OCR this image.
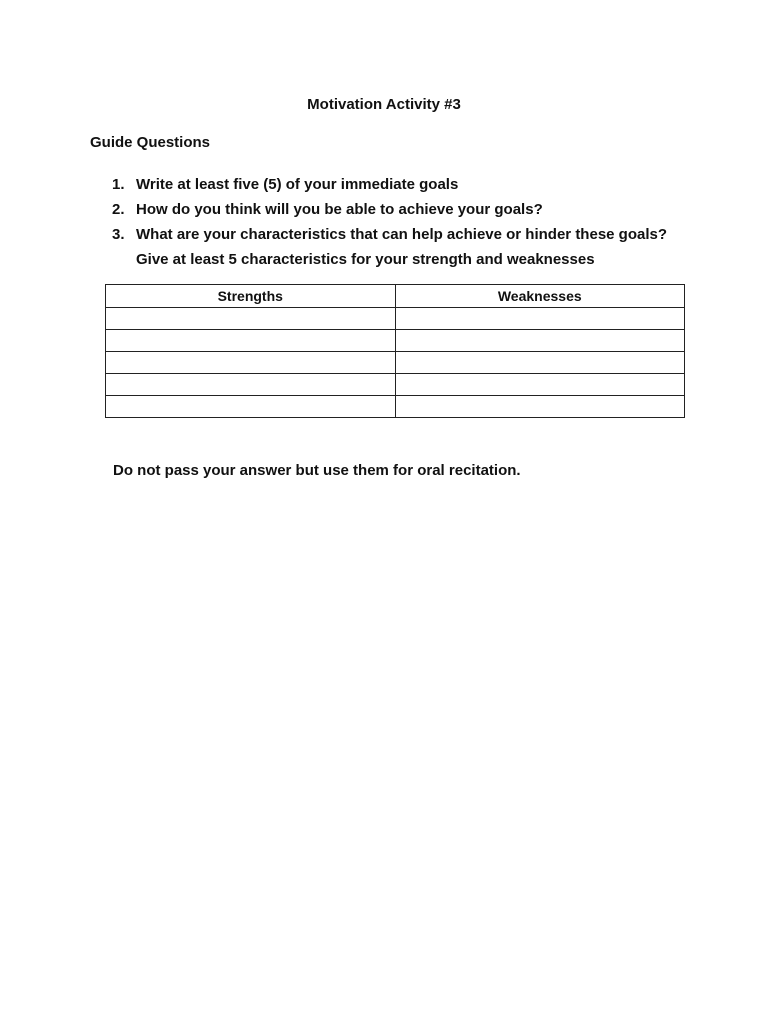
Motivation Activity #3
Guide Questions
1. Write at least five (5) of your immediate goals
2. How do you think will you be able to achieve your goals?
3. What are your characteristics that can help achieve or hinder these goals?
Give at least 5 characteristics for your strength and weaknesses
Strengths	Weaknesses

Do not pass your answer but use them for oral recitation.
